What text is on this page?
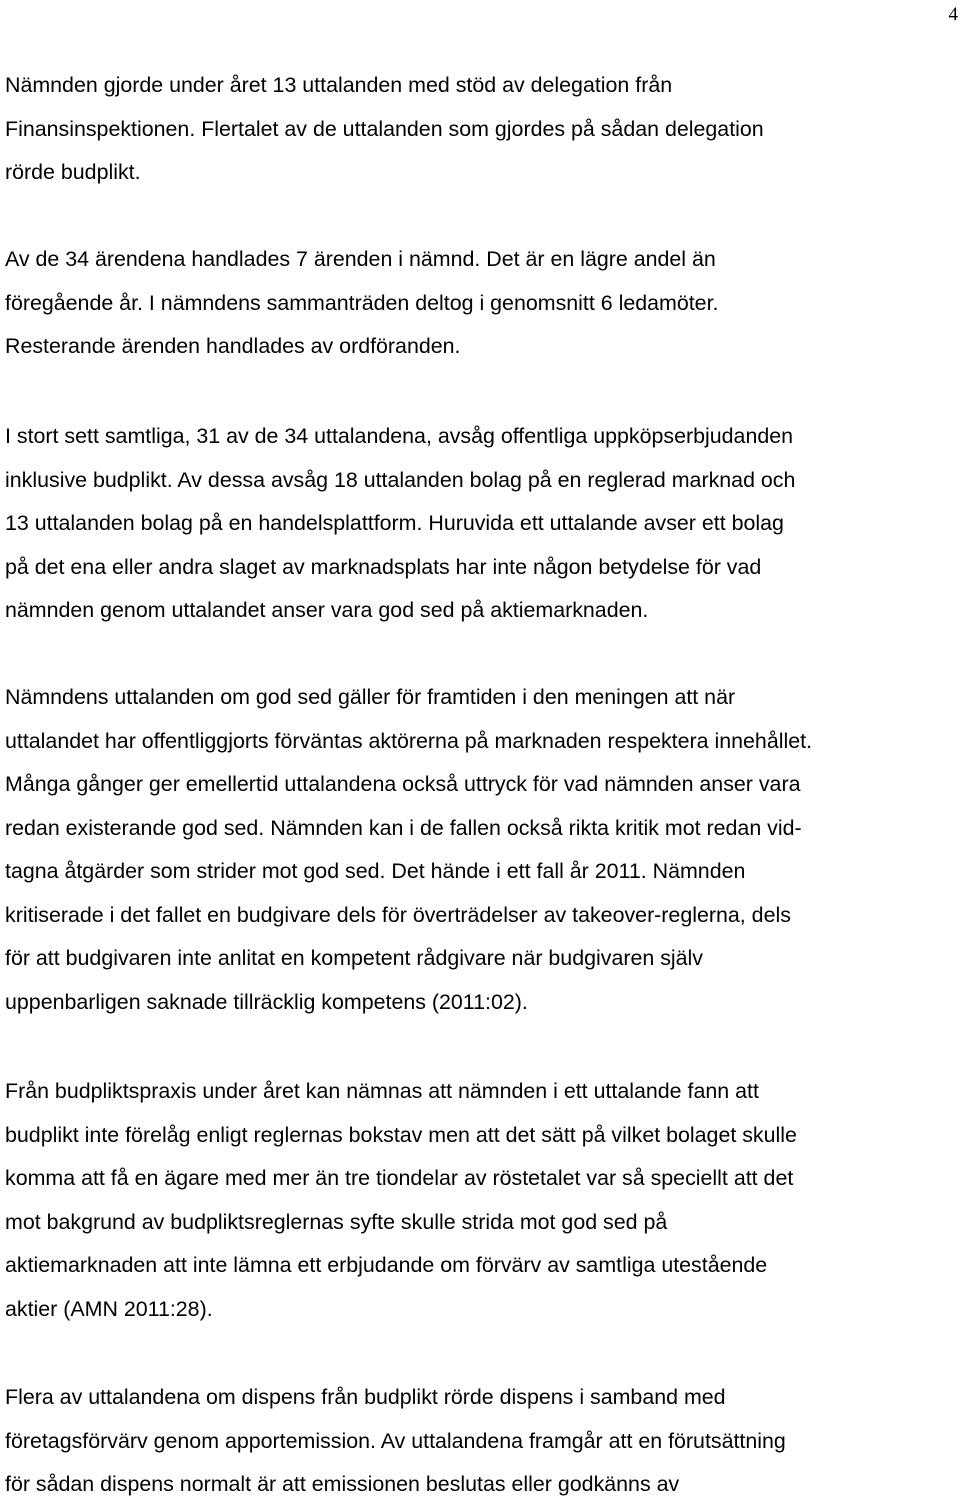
4
Nämnden gjorde under året 13 uttalanden med stöd av delegation från
Finansinspektionen. Flertalet av de uttalanden som gjordes på sådan delegation
rörde budplikt.
Av de 34 ärendena handlades 7 ärenden i nämnd. Det är en lägre andel än
föregående år. I nämndens sammanträden deltog i genomsnitt 6 ledamöter.
Resterande ärenden handlades av ordföranden.
I stort sett samtliga, 31 av de 34 uttalandena, avsåg offentliga uppköpserbjudanden
inklusive budplikt. Av dessa avsåg 18 uttalanden bolag på en reglerad marknad och
13 uttalanden bolag på en handelsplattform. Huruvida ett uttalande avser ett bolag
på det ena eller andra slaget av marknadsplats har inte någon betydelse för vad
nämnden genom uttalandet anser vara god sed på aktiemarknaden.
Nämndens uttalanden om god sed gäller för framtiden i den meningen att när
uttalandet har offentliggjorts förväntas aktörerna på marknaden respektera innehållet.
Många gånger ger emellertid uttalandena också uttryck för vad nämnden anser vara
redan existerande god sed. Nämnden kan i de fallen också rikta kritik mot redan vid-
tagna åtgärder som strider mot god sed. Det hände i ett fall år 2011. Nämnden
kritiserade i det fallet en budgivare dels för överträdelser av takeover-reglerna, dels
för att budgivaren inte anlitat en kompetent rådgivare när budgivaren själv
uppenbarligen saknade tillräcklig kompetens (2011:02).
Från budpliktspraxis under året kan nämnas att nämnden i ett uttalande fann att
budplikt inte förelåg enligt reglernas bokstav men att det sätt på vilket bolaget skulle
komma att få en ägare med mer än tre tiondelar av röstetalet var så speciellt att det
mot bakgrund av budpliktsreglernas syfte skulle strida mot god sed på
aktiemarknaden att inte lämna ett erbjudande om förvärv av samtliga utestående
aktier (AMN 2011:28).
Flera av uttalandena om dispens från budplikt rörde dispens i samband med
företagsförvärv genom apportemission. Av uttalandena framgår att en förutsättning
för sådan dispens normalt är att emissionen beslutas eller godkänns av
